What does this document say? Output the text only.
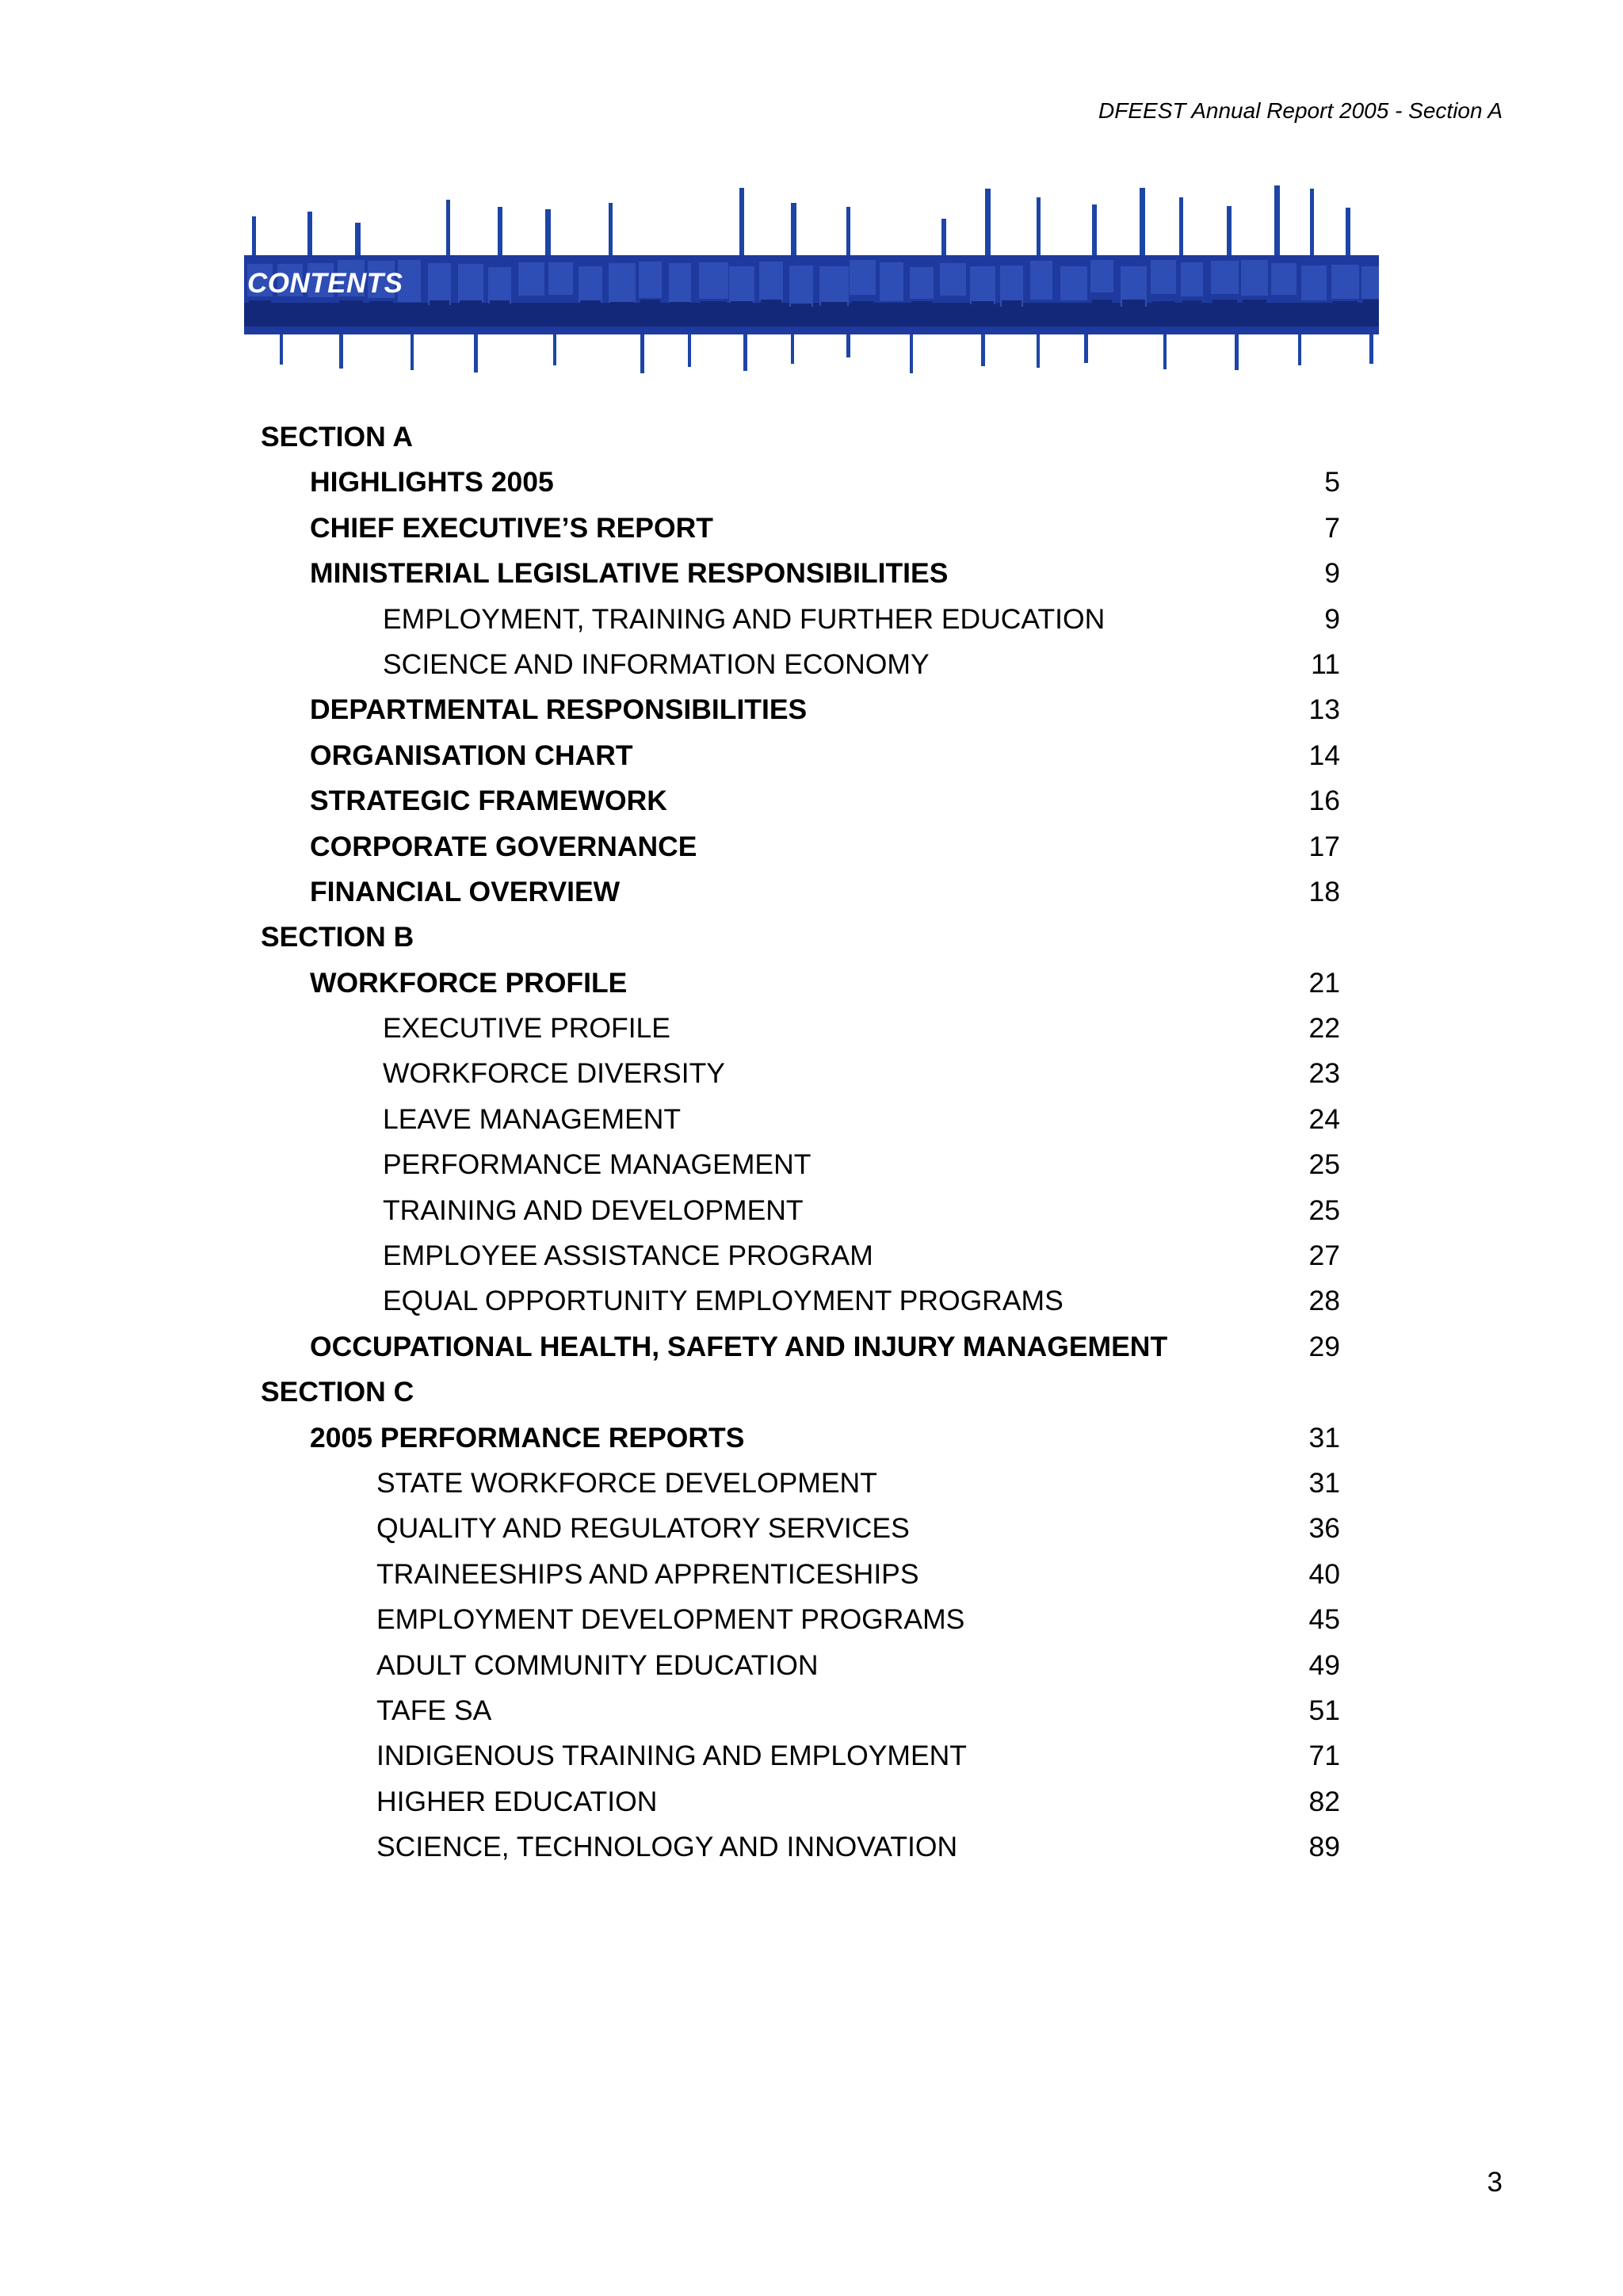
DFEEST Annual Report 2005 - Section A
CONTENTS
SECTION A
HIGHLIGHTS 2005	5
CHIEF EXECUTIVE’S REPORT	7
MINISTERIAL LEGISLATIVE RESPONSIBILITIES	9
EMPLOYMENT, TRAINING AND FURTHER EDUCATION	9
SCIENCE AND INFORMATION ECONOMY	11
DEPARTMENTAL RESPONSIBILITIES	13
ORGANISATION CHART	14
STRATEGIC FRAMEWORK	16
CORPORATE GOVERNANCE	17
FINANCIAL OVERVIEW	18
SECTION B
WORKFORCE PROFILE	21
EXECUTIVE PROFILE	22
WORKFORCE DIVERSITY	23
LEAVE MANAGEMENT	24
PERFORMANCE MANAGEMENT	25
TRAINING AND DEVELOPMENT	25
EMPLOYEE ASSISTANCE PROGRAM	27
EQUAL OPPORTUNITY EMPLOYMENT PROGRAMS	28
OCCUPATIONAL HEALTH, SAFETY AND INJURY MANAGEMENT	29
SECTION C
2005 PERFORMANCE REPORTS	31
STATE WORKFORCE DEVELOPMENT	31
QUALITY AND REGULATORY SERVICES	36
TRAINEESHIPS AND APPRENTICESHIPS	40
EMPLOYMENT DEVELOPMENT PROGRAMS	45
ADULT COMMUNITY EDUCATION	49
TAFE SA	51
INDIGENOUS TRAINING AND EMPLOYMENT	71
HIGHER EDUCATION	82
SCIENCE, TECHNOLOGY AND INNOVATION	89
3
